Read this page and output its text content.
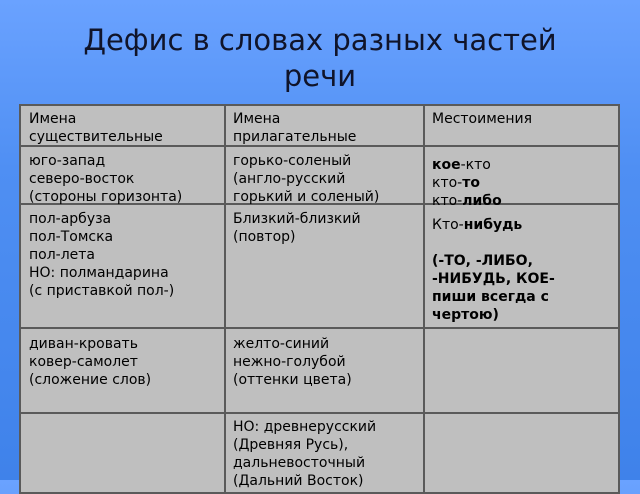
Дефис в словах разных частей
речи
Имена
существительные
юго-запад
северо-восток
(стороны горизонта)
пол-арбуза
пол-Томска
пол-лета
НО: полмандарина
(с приставкой пол-)
диван-кровать
ковер-самолет
(сложение слов)
Имена
прилагательные
горько-соленый
(англо-русский
горький и соленый)
Близкий-близкий
(повтор)
желто-синий
нежно-голубой
(оттенки цвета)
НО: древнерусский
(Древняя Русь),
дальневосточный
(Дальний Восток)
Местоимения
кое-кто
кто-то
кто-либо
Кто-нибудь
(-ТО, -ЛИБО,
-НИБУДЬ, КОЕ-
пиши всегда с
чертою)
